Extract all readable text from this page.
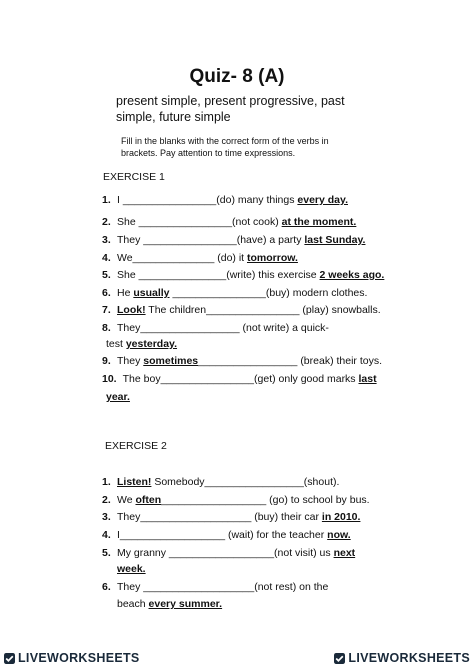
Quiz- 8 (A)
present simple, present progressive, past simple, future simple
Fill in the blanks with the correct form of the verbs in brackets. Pay attention to time expressions.
EXERCISE 1
1. I ________________(do) many things every day.
2. She ________________(not cook) at the moment.
3. They ________________(have) a party last Sunday.
4. We______________ (do) it tomorrow.
5. She _______________(write) this exercise 2 weeks ago.
6. He usually ________________(buy) modern clothes.
7. Look! The children________________ (play) snowballs.
8. They_________________ (not write) a quick-
test yesterday.
9. They sometimes_________________ (break) their toys.
10.  The boy________________(get) only good marks last
year.
EXERCISE 2
1. Listen! Somebody_________________(shout).
2. We often__________________ (go) to school by bus.
3. They___________________ (buy) their car in 2010.
4. I__________________ (wait) for the teacher now.
5. My granny __________________(not visit) us next
week.
6. They ___________________(not rest) on the
beach every summer.
LIVEWORKSHEETS	LIVEWORKSHEETS
